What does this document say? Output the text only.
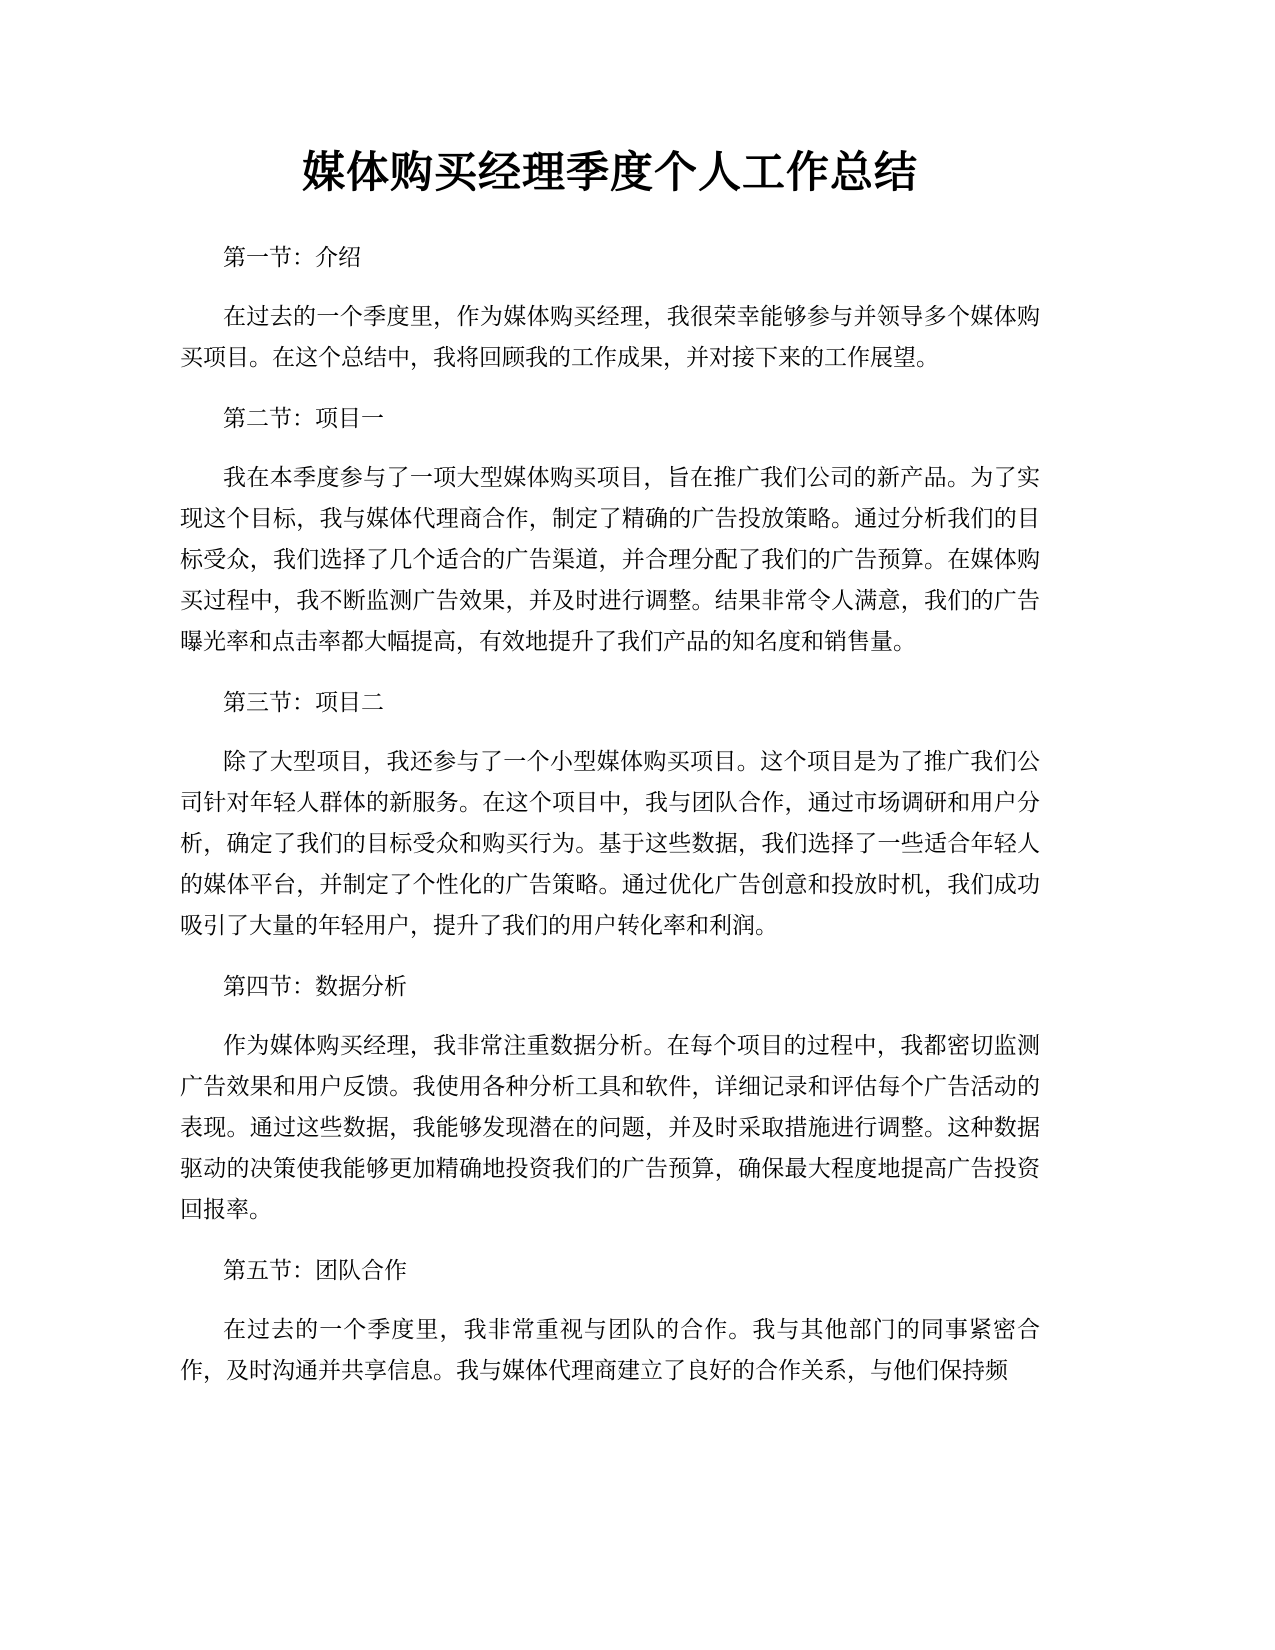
媒体购买经理季度个人工作总结

第一节：介绍

在过去的一个季度里，作为媒体购买经理，我很荣幸能够参与并领导多个媒体购买项目。在这个总结中，我将回顾我的工作成果，并对接下来的工作展望。

第二节：项目一

我在本季度参与了一项大型媒体购买项目，旨在推广我们公司的新产品。为了实现这个目标，我与媒体代理商合作，制定了精确的广告投放策略。通过分析我们的目标受众，我们选择了几个适合的广告渠道，并合理分配了我们的广告预算。在媒体购买过程中，我不断监测广告效果，并及时进行调整。结果非常令人满意，我们的广告曝光率和点击率都大幅提高，有效地提升了我们产品的知名度和销售量。

第三节：项目二

除了大型项目，我还参与了一个小型媒体购买项目。这个项目是为了推广我们公司针对年轻人群体的新服务。在这个项目中，我与团队合作，通过市场调研和用户分析，确定了我们的目标受众和购买行为。基于这些数据，我们选择了一些适合年轻人的媒体平台，并制定了个性化的广告策略。通过优化广告创意和投放时机，我们成功吸引了大量的年轻用户，提升了我们的用户转化率和利润。

第四节：数据分析

作为媒体购买经理，我非常注重数据分析。在每个项目的过程中，我都密切监测广告效果和用户反馈。我使用各种分析工具和软件，详细记录和评估每个广告活动的表现。通过这些数据，我能够发现潜在的问题，并及时采取措施进行调整。这种数据驱动的决策使我能够更加精确地投资我们的广告预算，确保最大程度地提高广告投资回报率。

第五节：团队合作

在过去的一个季度里，我非常重视与团队的合作。我与其他部门的同事紧密合作，及时沟通并共享信息。我与媒体代理商建立了良好的合作关系，与他们保持频
